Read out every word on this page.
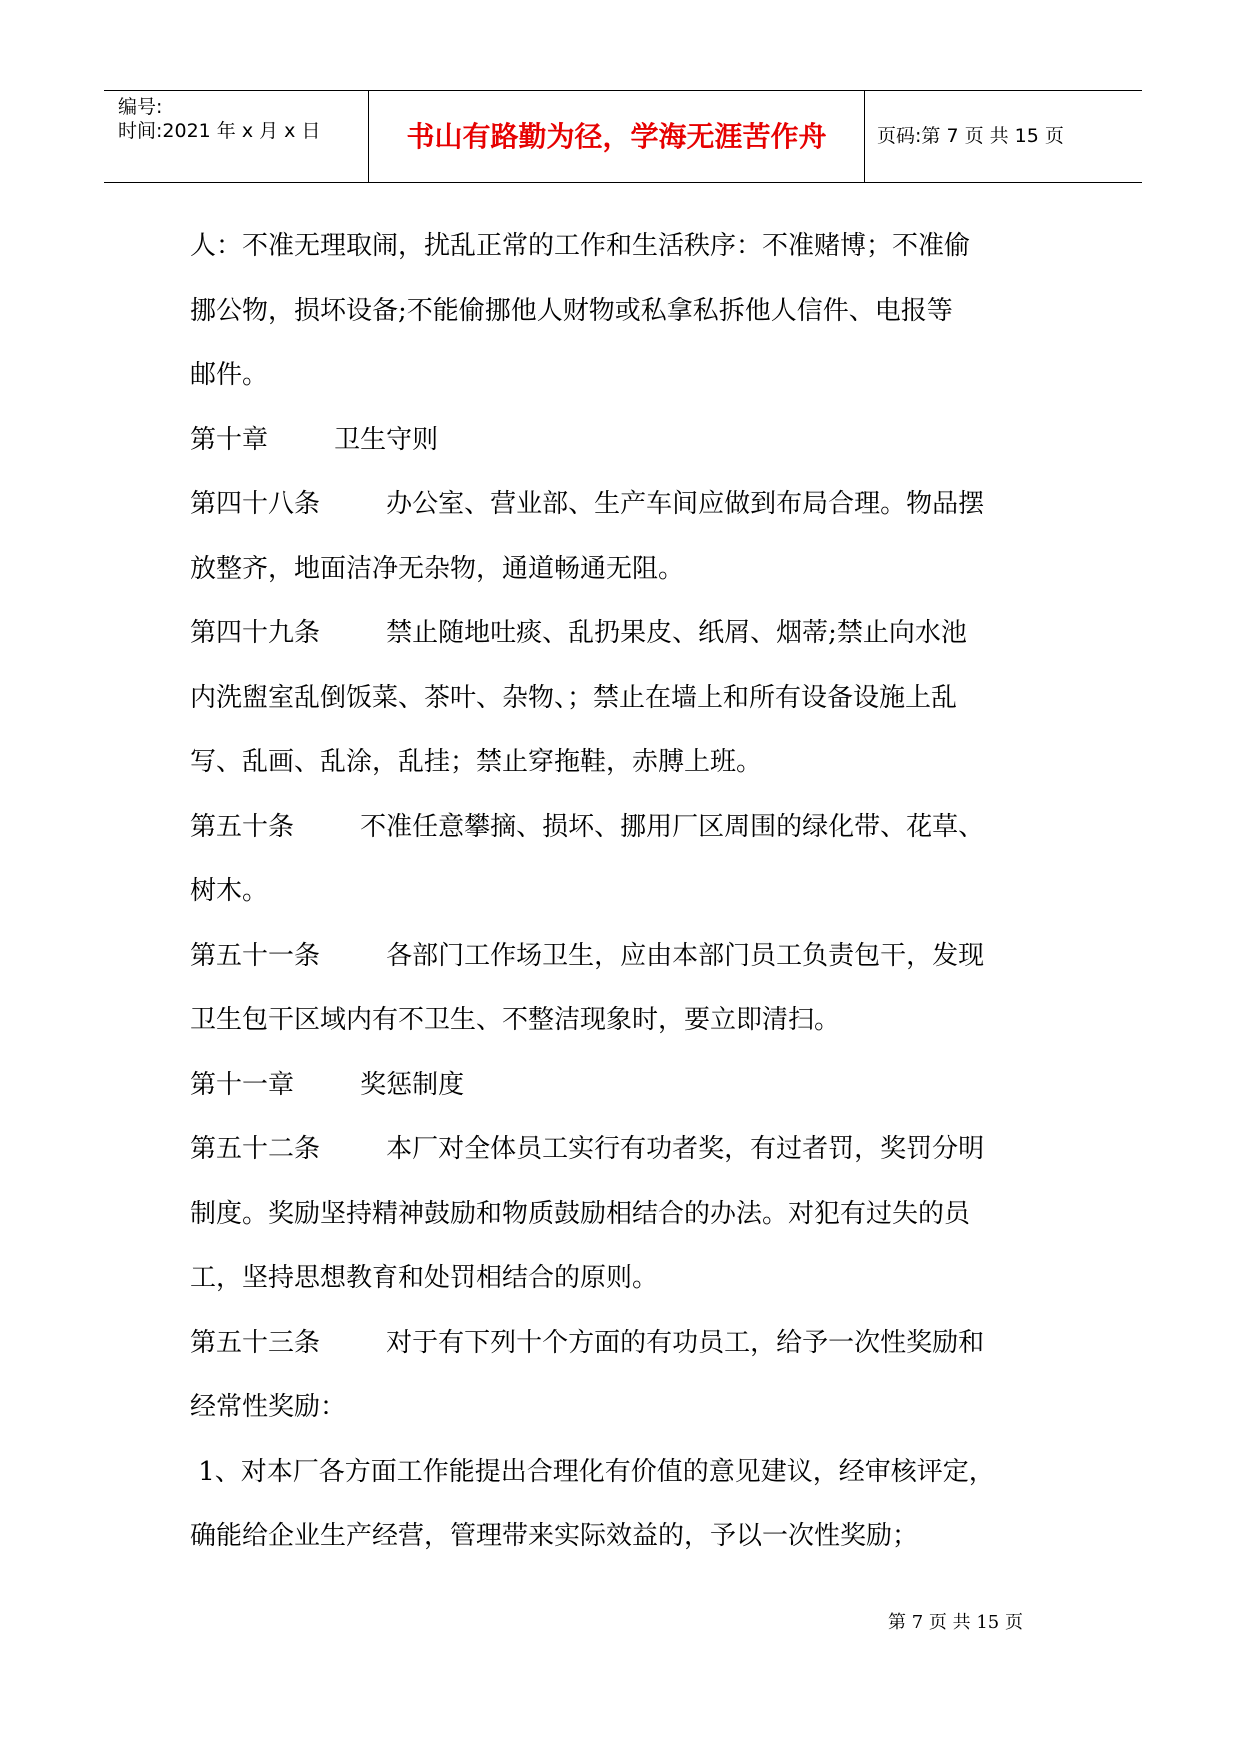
编号:
时间:2021 年 x 月 x 日	书山有路勤为径，学海无涯苦作舟	页码:第 7 页 共 15 页
人：不准无理取闹，扰乱正常的工作和生活秩序：不准赌博；不准偷
挪公物，损坏设备;不能偷挪他人财物或私拿私拆他人信件、电报等
邮件。
第十章        卫生守则
第四十八条        办公室、营业部、生产车间应做到布局合理。物品摆
放整齐，地面洁净无杂物，通道畅通无阻。
第四十九条        禁止随地吐痰、乱扔果皮、纸屑、烟蒂;禁止向水池
内洗盥室乱倒饭菜、茶叶、杂物、；禁止在墙上和所有设备设施上乱
写、乱画、乱涂，乱挂；禁止穿拖鞋，赤膊上班。
第五十条        不准任意攀摘、损坏、挪用厂区周围的绿化带、花草、
树木。
第五十一条        各部门工作场卫生，应由本部门员工负责包干，发现
卫生包干区域内有不卫生、不整洁现象时，要立即清扫。
第十一章        奖惩制度
第五十二条        本厂对全体员工实行有功者奖，有过者罚，奖罚分明
制度。奖励坚持精神鼓励和物质鼓励相结合的办法。对犯有过失的员
工，坚持思想教育和处罚相结合的原则。
第五十三条        对于有下列十个方面的有功员工，给予一次性奖励和
经常性奖励：
1、对本厂各方面工作能提出合理化有价值的意见建议，经审核评定，
确能给企业生产经营，管理带来实际效益的，予以一次性奖励；
第 7 页 共 15 页
